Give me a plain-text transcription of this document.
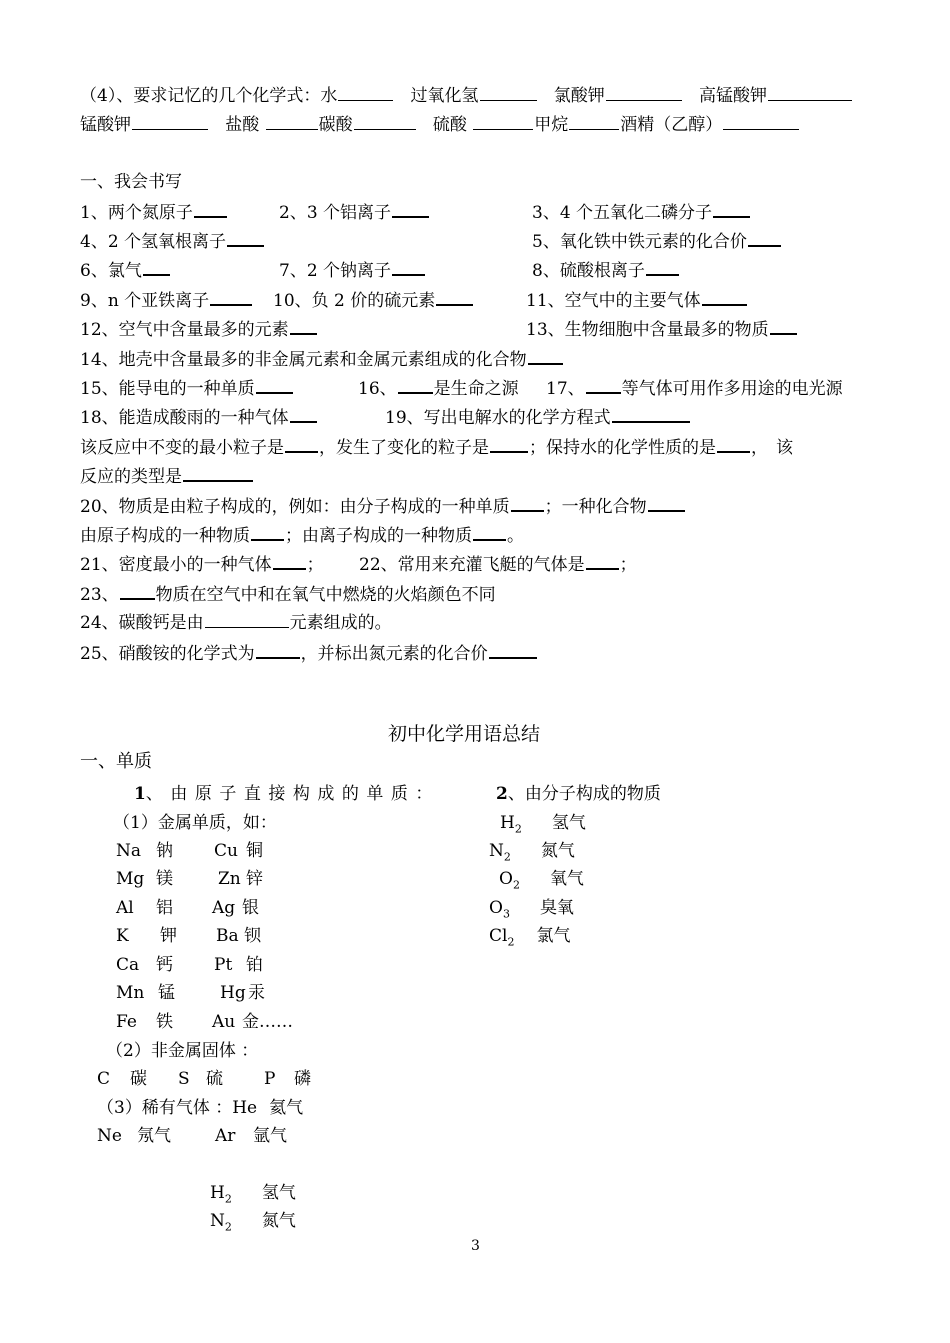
（4）、要求记忆的几个化学式：水	过氧化氢	氯酸钾	高锰酸钾
锰酸钾	盐酸	碳酸	硫酸	甲烷	酒精（乙醇）
一、我会书写
1、两个氮原子	2、3 个铝离子	3、4 个五氧化二磷分子
4、2 个氢氧根离子	5、氧化铁中铁元素的化合价
6、氯气	7、2 个钠离子	8、硫酸根离子
9、n 个亚铁离子	10、负 2 价的硫元素	11、空气中的主要气体
12、空气中含量最多的元素	13、生物细胞中含量最多的物质
14、地壳中含量最多的非金属元素和金属元素组成的化合物
15、能导电的一种单质	16、 是生命之源 17、 等气体可用作多用途的电光源
18、能造成酸雨的一种气体	19、写出电解水的化学方程式
该反应中不变的最小粒子是 ，发生了变化的粒子是 ；保持水的化学性质的是 ，该
反应的类型是
20、物质是由粒子构成的，例如：由分子构成的一种单质 ；一种化合物
由原子构成的一种物质 ；由离子构成的一种物质 。
21、密度最小的一种气体 ； 22、常用来充灌飞艇的气体是 ；
23、 物质在空气中和在氧气中燃烧的火焰颜色不同
24、碳酸钙是由	元素组成的。
25、硝酸铵的化学式为	，并标出氮元素的化合价
初中化学用语总结
一、单质
1、由原子直接构成的单质：	2、由分子构成的物质
（1）金属单质，如：
Na 钠 Cu 铜
Mg 镁	Zn 锌
Al 铝 Ag 银
K 钾 Ba 钡
Ca 钙 Pt 铂
Mn 锰	Hg 汞
Fe 铁 Au 金……
$H_2$ 氢气
$N_2$ 氮气
$O_2$ 氧气
$O_3$ 臭氧
$Cl_2$ 氯气
（2）非金属固体 ：
C 碳 S 硫 P 磷
（3）稀有气体 ：He 氦气
Ne 氖气	Ar 氩气
$H_2$ 氢气
$N_2$ 氮气
3
